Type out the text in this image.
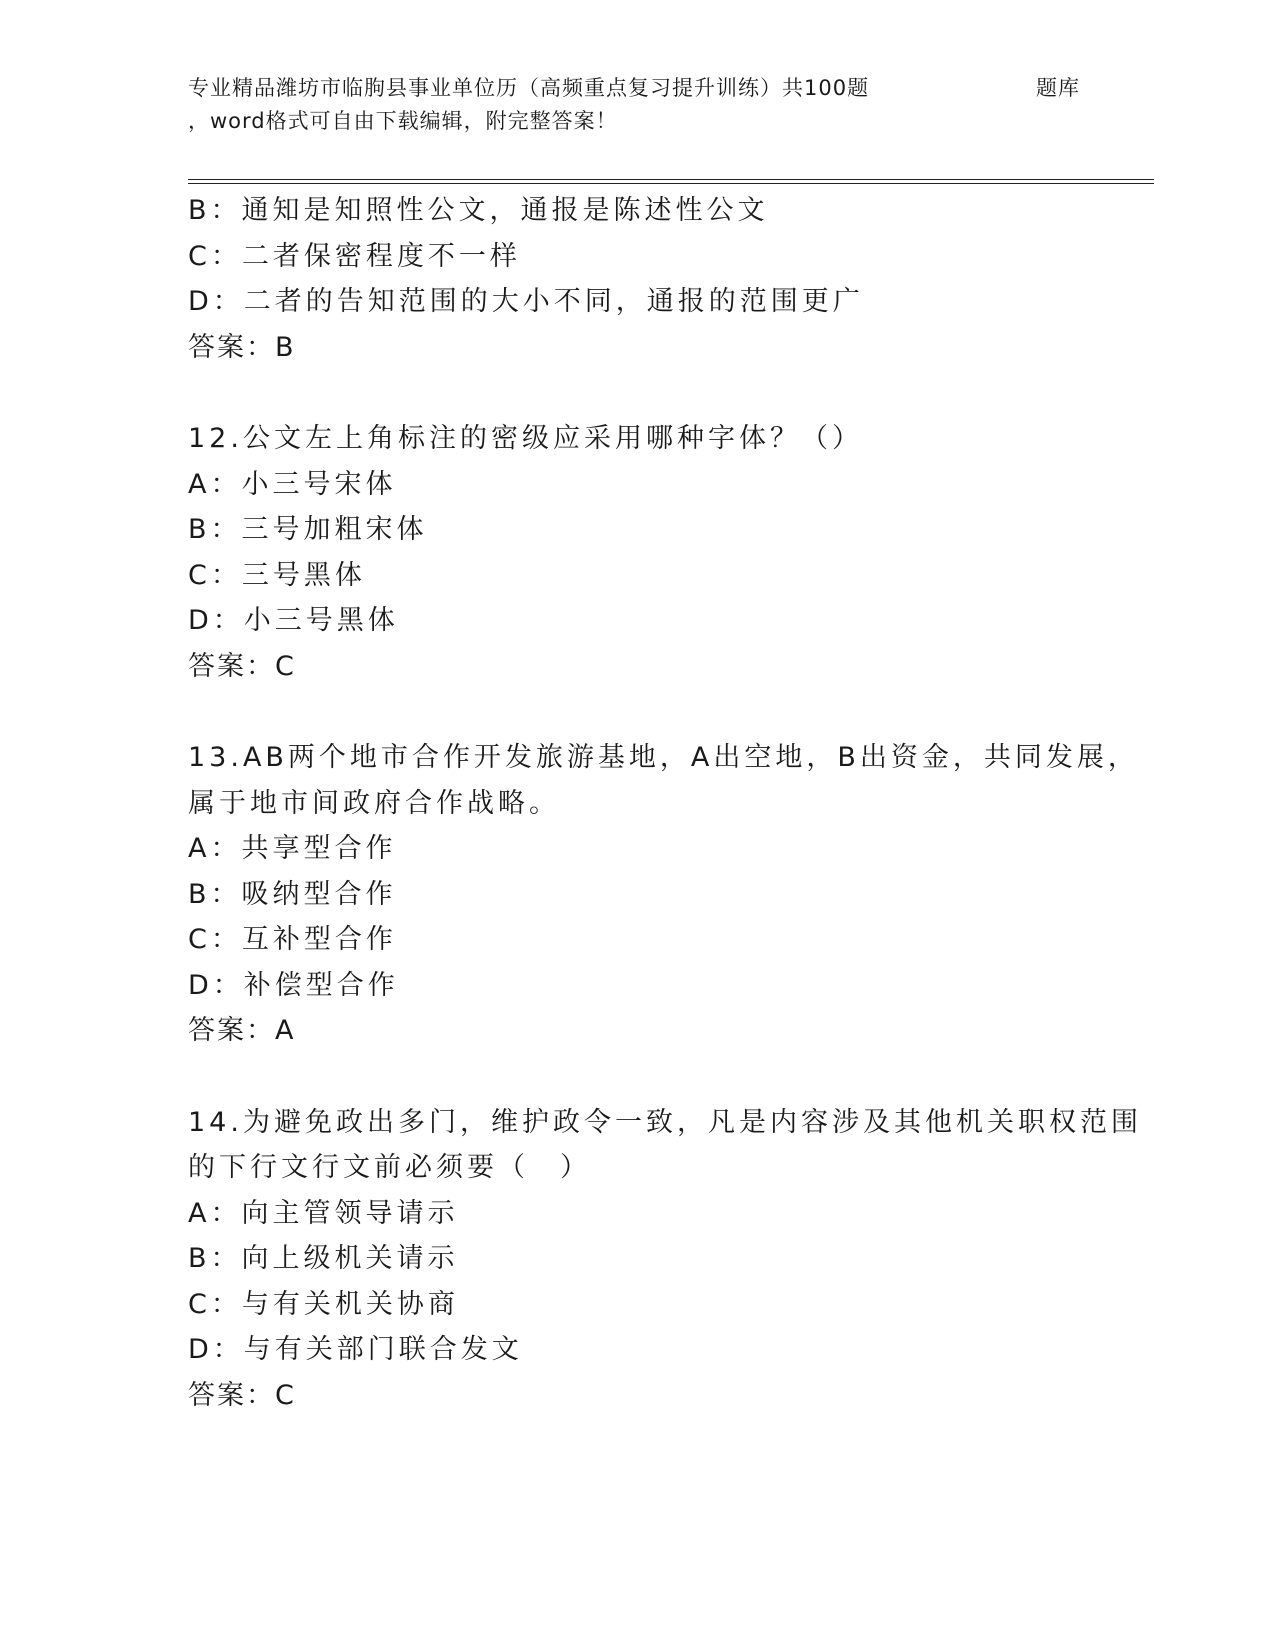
专业精品潍坊市临朐县事业单位历（高频重点复习提升训练）共100题
，word格式可自由下载编辑，附完整答案！
题库
B：通知是知照性公文，通报是陈述性公文
C：二者保密程度不一样
D：二者的告知范围的大小不同，通报的范围更广
答案：B
12.公文左上角标注的密级应采用哪种字体？（）
A：小三号宋体
B：三号加粗宋体
C：三号黑体
D：小三号黑体
答案：C
13.AB两个地市合作开发旅游基地，A出空地，B出资金，共同发展，
属于地市间政府合作战略。
A：共享型合作
B：吸纳型合作
C：互补型合作
D：补偿型合作
答案：A
14.为避免政出多门，维护政令一致，凡是内容涉及其他机关职权范围
的下行文行文前必须要（　）
A：向主管领导请示
B：向上级机关请示
C：与有关机关协商
D：与有关部门联合发文
答案：C
